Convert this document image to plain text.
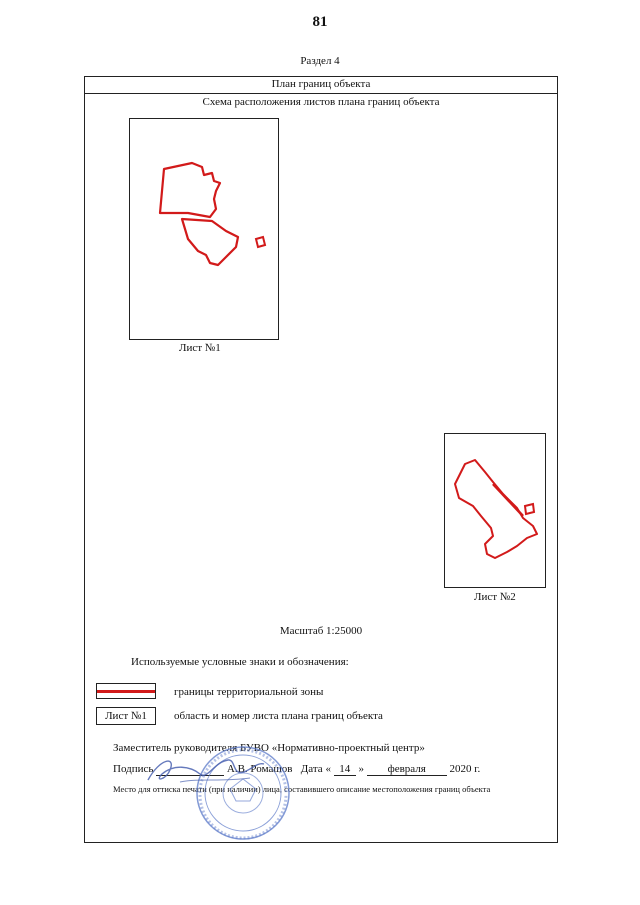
81
Раздел 4
План границ объекта
Схема расположения листов плана границ объекта
Лист №1
Лист №2
Масштаб 1:25000
Используемые условные знаки и обозначения:
границы территориальной зоны
Лист №1	область и номер листа плана границ объекта
Заместитель руководителя БУВО «Нормативно-проектный центр»
Подпись	А.В. Ромашов Дата « 14 » февраля 2020 г.
Место для оттиска печати (при наличии) лица, составившего описание местоположения границ объекта
